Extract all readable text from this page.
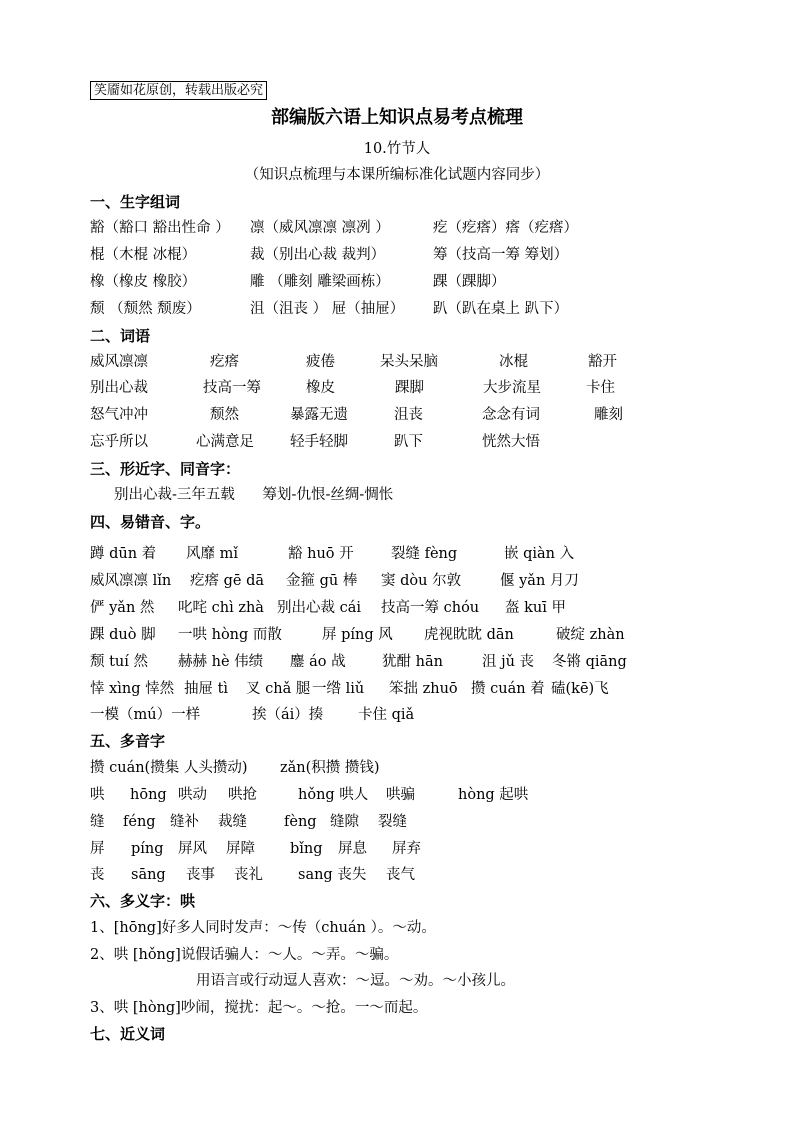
笑靥如花原创，转载出版必究
部编版六语上知识点易考点梳理
10.竹节人
（知识点梳理与本课所编标准化试题内容同步）
一、生字组词
豁（豁口 豁出性命 ） 凛（威风凛凛 凛冽 ）	疙（疙瘩）瘩（疙瘩）
棍（木棍 冰棍）	裁（别出心裁 裁判）	筹（技高一筹 筹划）
橡（橡皮 橡胶）	雕 （雕刻 雕梁画栋）	踝（踝脚）
颓 （颓然 颓废）	沮（沮丧 ） 屉（抽屉） 趴（趴在桌上 趴下）
二、词语
威风凛凛	疙瘩	疲倦	呆头呆脑	冰棍	豁开
别出心裁	技高一筹	橡皮	踝脚	大步流星	卡住
怒气冲冲	颓然	暴露无遗	沮丧	念念有词	雕刻
忘乎所以	心满意足 轻手轻脚	趴下	恍然大悟
三、形近字、同音字：
别出心裁-三年五载      筹划-仇恨-丝绸-惆怅
四、易错音、字。
蹲 dūn 着 风靡 mǐ	豁 huō 开	裂缝 fèng	嵌 qiàn 入
威风凛凛 lǐn 疙瘩 gē dā 金箍 gū 棒 窦 dòu 尔敦	偃 yǎn 月刀
俨 yǎn 然 叱咤 chì zhà 别出心裁 cái 技高一筹 chóu 盔 kuī 甲
踝 duò 脚 一哄 hòng 而散	屏 píng 风 虎视眈眈 dān	破绽 zhàn
颓 tuí 然 赫赫 hè 伟绩 鏖 áo 战	犹酣 hān	沮 jǔ 丧 冬锵 qiāng
悻 xìng 悻然 抽屉 tì 叉 chǎ 腿 一绺 liǔ 笨拙 zhuō 攒 cuán 着 磕(kē)飞
一模（mú）一样	挨（ái）揍 卡住 qiǎ
五、多音字
攒 cuán(攒集 人头攒动) zǎn(积攒 攒钱)
哄 hōng 哄动 哄抢	hǒng 哄人 哄骗	hòng 起哄
缝 féng 缝补 裁缝	fèng 缝隙 裂缝
屏 píng 屏风 屏障 bǐng 屏息 屏弃
丧 sāng 丧事 丧礼 sang 丧失 丧气
六、多义字：哄
1、[hōng]好多人同时发声：～传（chuán ）。～动。
2、哄 [hǒng]说假话骗人：～人。～弄。～骗。
用语言或行动逗人喜欢：～逗。～劝。～小孩儿。
3、哄 [hòng]吵闹，搅扰：起～。～抢。一～而起。
七、近义词
